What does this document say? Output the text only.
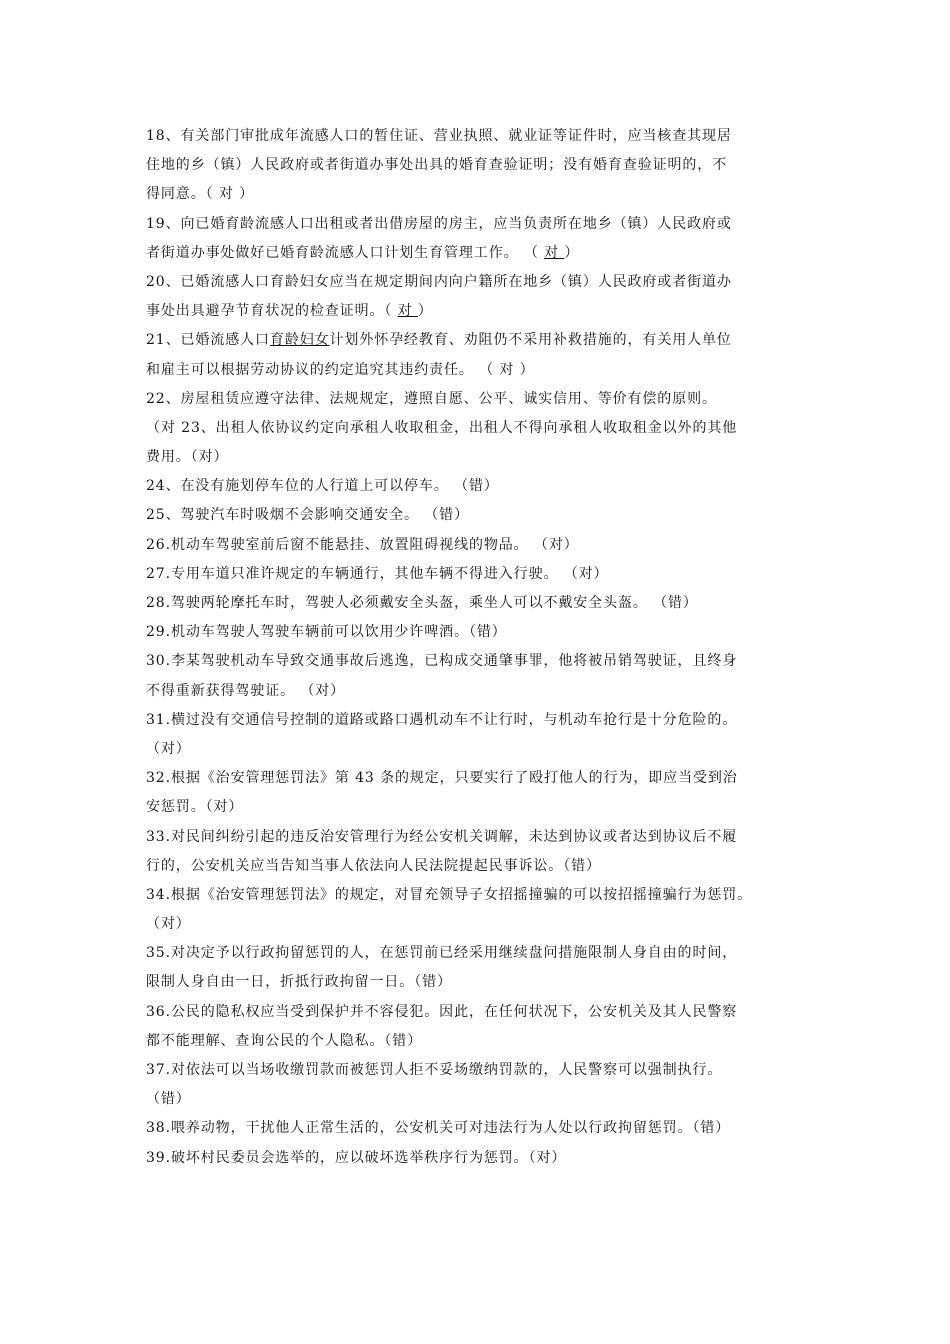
18、有关部门审批成年流感人口的暂住证、营业执照、就业证等证件时，应当核查其现居
住地的乡（镇）人民政府或者街道办事处出具的婚育查验证明；没有婚育查验证明的，不
得同意。（ 对 ）
19、向已婚育龄流感人口出租或者出借房屋的房主，应当负责所在地乡（镇）人民政府或
者街道办事处做好已婚育龄流感人口计划生育管理工作。 （ 对 ）
20、已婚流感人口育龄妇女应当在规定期间内向户籍所在地乡（镇）人民政府或者街道办
事处出具避孕节育状况的检查证明。（ 对 ）
21、已婚流感人口育龄妇女计划外怀孕经教育、劝阻仍不采用补救措施的，有关用人单位
和雇主可以根据劳动协议的约定追究其违约责任。 （ 对 ）
22、房屋租赁应遵守法律、法规规定，遵照自愿、公平、诚实信用、等价有偿的原则。
（对 23、出租人依协议约定向承租人收取租金，出租人不得向承租人收取租金以外的其他
费用。（对）
24、在没有施划停车位的人行道上可以停车。 （错）
25、驾驶汽车时吸烟不会影响交通安全。 （错）
26.机动车驾驶室前后窗不能悬挂、放置阻碍视线的物品。 （对）
27.专用车道只准许规定的车辆通行，其他车辆不得进入行驶。 （对）
28.驾驶两轮摩托车时，驾驶人必须戴安全头盔，乘坐人可以不戴安全头盔。 （错）
29.机动车驾驶人驾驶车辆前可以饮用少许啤酒。（错）
30.李某驾驶机动车导致交通事故后逃逸，已构成交通肇事罪，他将被吊销驾驶证，且终身
不得重新获得驾驶证。 （对）
31.横过没有交通信号控制的道路或路口遇机动车不让行时，与机动车抢行是十分危险的。
（对）
32.根据《治安管理惩罚法》第 43 条的规定，只要实行了殴打他人的行为，即应当受到治
安惩罚。（对）
33.对民间纠纷引起的违反治安管理行为经公安机关调解，未达到协议或者达到协议后不履
行的，公安机关应当告知当事人依法向人民法院提起民事诉讼。（错）
34.根据《治安管理惩罚法》的规定，对冒充领导子女招摇撞骗的可以按招摇撞骗行为惩罚。
（对）
35.对决定予以行政拘留惩罚的人，在惩罚前已经采用继续盘问措施限制人身自由的时间，
限制人身自由一日，折抵行政拘留一日。（错）
36.公民的隐私权应当受到保护并不容侵犯。因此，在任何状况下，公安机关及其人民警察
都不能理解、查询公民的个人隐私。（错）
37.对依法可以当场收缴罚款而被惩罚人拒不妥场缴纳罚款的，人民警察可以强制执行。
（错）
38.喂养动物，干扰他人正常生活的，公安机关可对违法行为人处以行政拘留惩罚。（错）
39.破坏村民委员会选举的，应以破坏选举秩序行为惩罚。（对）
